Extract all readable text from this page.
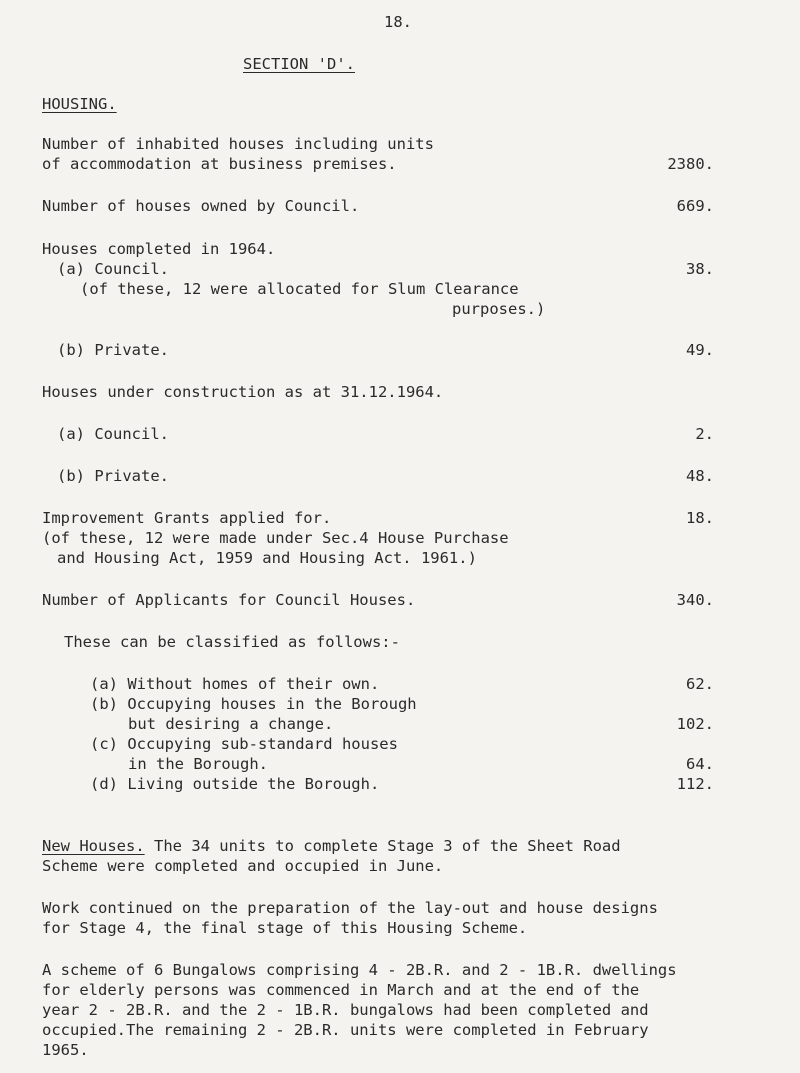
18.
SECTION 'D'.
HOUSING.
Number of inhabited houses including units
of accommodation at business premises.	2380.
Number of houses owned by Council.	669.
Houses completed in 1964.
(a) Council.	38.
(of these, 12 were allocated for Slum Clearance
purposes.)
(b) Private.	49.
Houses under construction as at 31.12.1964.
(a) Council.	2.
(b) Private.	48.
Improvement Grants applied for.	18.
(of these, 12 were made under Sec.4 House Purchase
and Housing Act, 1959 and Housing Act. 1961.)
Number of Applicants for Council Houses.	340.
These can be classified as follows:-
(a) Without homes of their own.	62.
(b) Occupying houses in the Borough
but desiring a change.	102.
(c) Occupying sub-standard houses
in the Borough.	64.
(d) Living outside the Borough.	112.
New Houses. The 34 units to complete Stage 3 of the Sheet Road
Scheme were completed and occupied in June.
Work continued on the preparation of the lay-out and house designs
for Stage 4, the final stage of this Housing Scheme.
A scheme of 6 Bungalows comprising 4 - 2B.R. and 2 - 1B.R. dwellings
for elderly persons was commenced in March and at the end of the
year 2 - 2B.R. and the 2 - 1B.R. bungalows had been completed and
occupied.The remaining 2 - 2B.R. units were completed in February
1965.
